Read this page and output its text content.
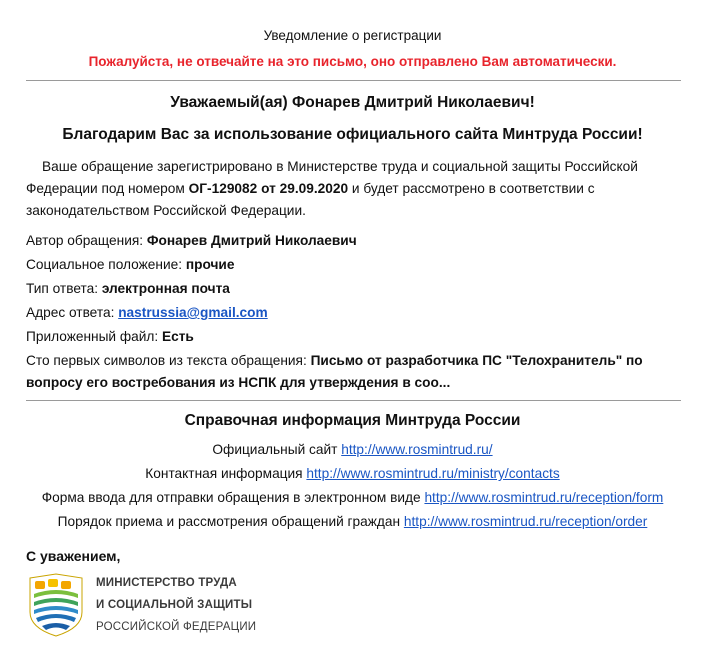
Уведомление о регистрации
Пожалуйста, не отвечайте на это письмо, оно отправлено Вам автоматически.
Уважаемый(ая) Фонарев Дмитрий Николаевич!
Благодарим Вас за использование официального сайта Минтруда России!
Ваше обращение зарегистрировано в Министерстве труда и социальной защиты Российской Федерации под номером ОГ-129082 от 29.09.2020 и будет рассмотрено в соответствии с законодательством Российской Федерации.
Автор обращения: Фонарев Дмитрий Николаевич
Социальное положение: прочие
Тип ответа: электронная почта
Адрес ответа: nastrussia@gmail.com
Приложенный файл: Есть
Сто первых символов из текста обращения: Письмо от разработчика ПС "Телохранитель" по вопросу его востребования из НСПК для утверждения в соо...
Справочная информация Минтруда России
Официальный сайт http://www.rosmintrud.ru/
Контактная информация http://www.rosmintrud.ru/ministry/contacts
Форма ввода для отправки обращения в электронном виде http://www.rosmintrud.ru/reception/form
Порядок приема и рассмотрения обращений граждан http://www.rosmintrud.ru/reception/order
С уважением,
МИНИСТЕРСТВО ТРУДА
И СОЦИАЛЬНОЙ ЗАЩИТЫ
РОССИЙСКОЙ ФЕДЕРАЦИИ
